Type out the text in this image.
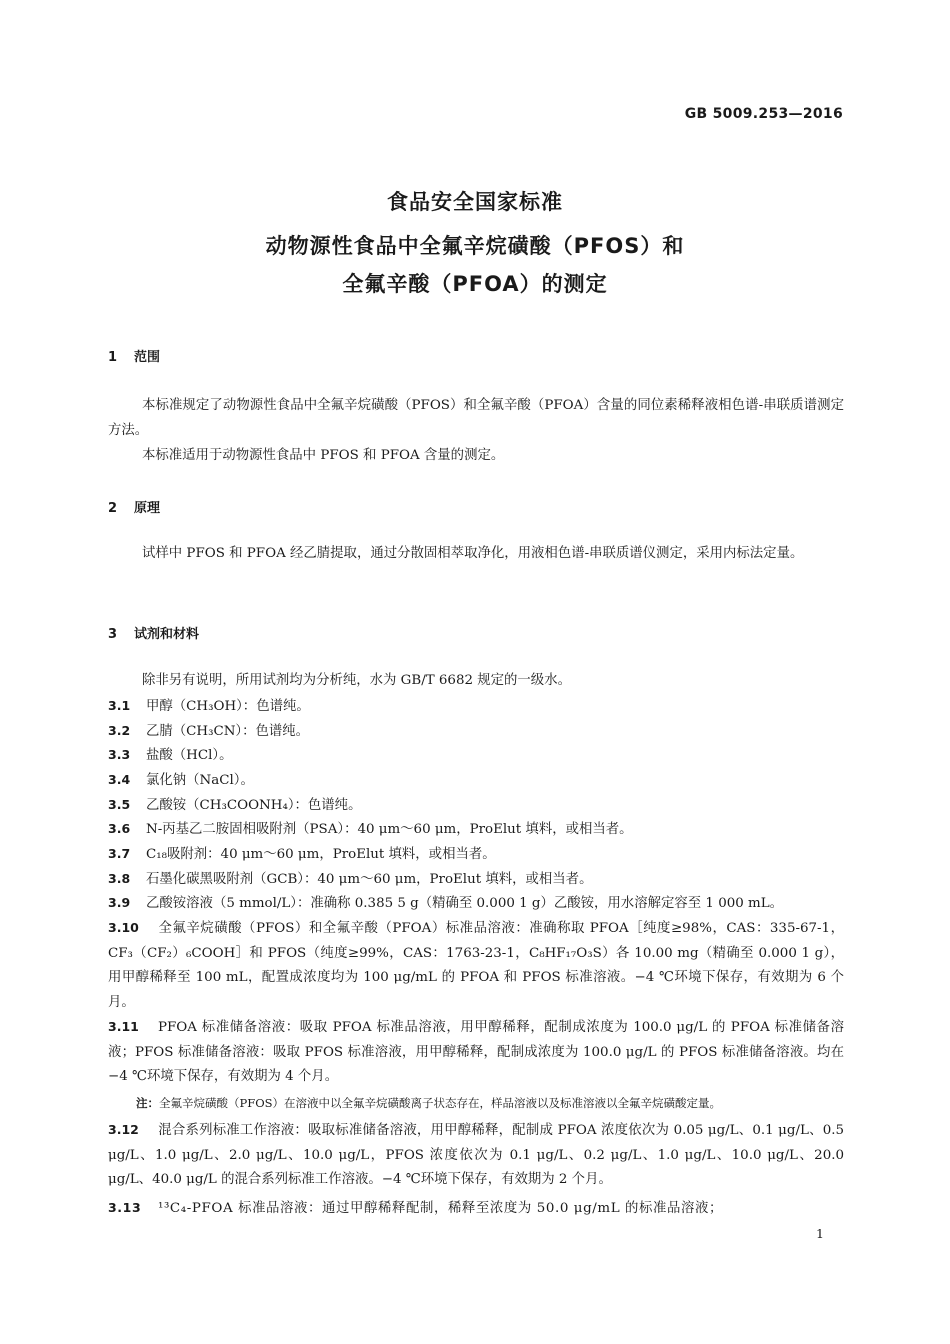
GB 5009.253—2016
食品安全国家标准
动物源性食品中全氟辛烷磺酸（PFOS）和
全氟辛酸（PFOA）的测定
1 范围
本标准规定了动物源性食品中全氟辛烷磺酸（PFOS）和全氟辛酸（PFOA）含量的同位素稀释液相色谱-串联质谱测定方法。
本标准适用于动物源性食品中 PFOS 和 PFOA 含量的测定。
2 原理
试样中 PFOS 和 PFOA 经乙腈提取，通过分散固相萃取净化，用液相色谱-串联质谱仪测定，采用内标法定量。
3 试剂和材料
除非另有说明，所用试剂均为分析纯，水为 GB/T 6682 规定的一级水。
3.1 甲醇（CH₃OH）：色谱纯。
3.2 乙腈（CH₃CN）：色谱纯。
3.3 盐酸（HCl）。
3.4 氯化钠（NaCl）。
3.5 乙酸铵（CH₃COONH₄）：色谱纯。
3.6 N-丙基乙二胺固相吸附剂（PSA）：40 μm～60 μm，ProElut 填料，或相当者。
3.7 C₁₈吸附剂：40 μm～60 μm，ProElut 填料，或相当者。
3.8 石墨化碳黑吸附剂（GCB）：40 μm～60 μm，ProElut 填料，或相当者。
3.9 乙酸铵溶液（5 mmol/L）：准确称 0.385 5 g（精确至 0.000 1 g）乙酸铵，用水溶解定容至 1 000 mL。
3.10 全氟辛烷磺酸（PFOS）和全氟辛酸（PFOA）标准品溶液：准确称取 PFOA［纯度≥98%，CAS：335-67-1，CF₃（CF₂）₆COOH］和 PFOS（纯度≥99%，CAS：1763-23-1，C₈HF₁₇O₃S）各 10.00 mg（精确至 0.000 1 g），用甲醇稀释至 100 mL，配置成浓度均为 100 μg/mL 的 PFOA 和 PFOS 标准溶液。−4 ℃环境下保存，有效期为 6 个月。
3.11 PFOA 标准储备溶液：吸取 PFOA 标准品溶液，用甲醇稀释，配制成浓度为 100.0 μg/L 的 PFOA 标准储备溶液；PFOS 标准储备溶液：吸取 PFOS 标准溶液，用甲醇稀释，配制成浓度为 100.0 μg/L 的 PFOS 标准储备溶液。均在−4 ℃环境下保存，有效期为 4 个月。
注：全氟辛烷磺酸（PFOS）在溶液中以全氟辛烷磺酸离子状态存在，样品溶液以及标准溶液以全氟辛烷磺酸定量。
3.12 混合系列标准工作溶液：吸取标准储备溶液，用甲醇稀释，配制成 PFOA 浓度依次为 0.05 μg/L、0.1 μg/L、0.5 μg/L、1.0 μg/L、2.0 μg/L、10.0 μg/L，PFOS 浓度依次为 0.1 μg/L、0.2 μg/L、1.0 μg/L、10.0 μg/L、20.0 μg/L、40.0 μg/L 的混合系列标准工作溶液。−4 ℃环境下保存，有效期为 2 个月。
3.13 ¹³C₄-PFOA 标准品溶液：通过甲醇稀释配制，稀释至浓度为 50.0 μg/mL 的标准品溶液；
1
